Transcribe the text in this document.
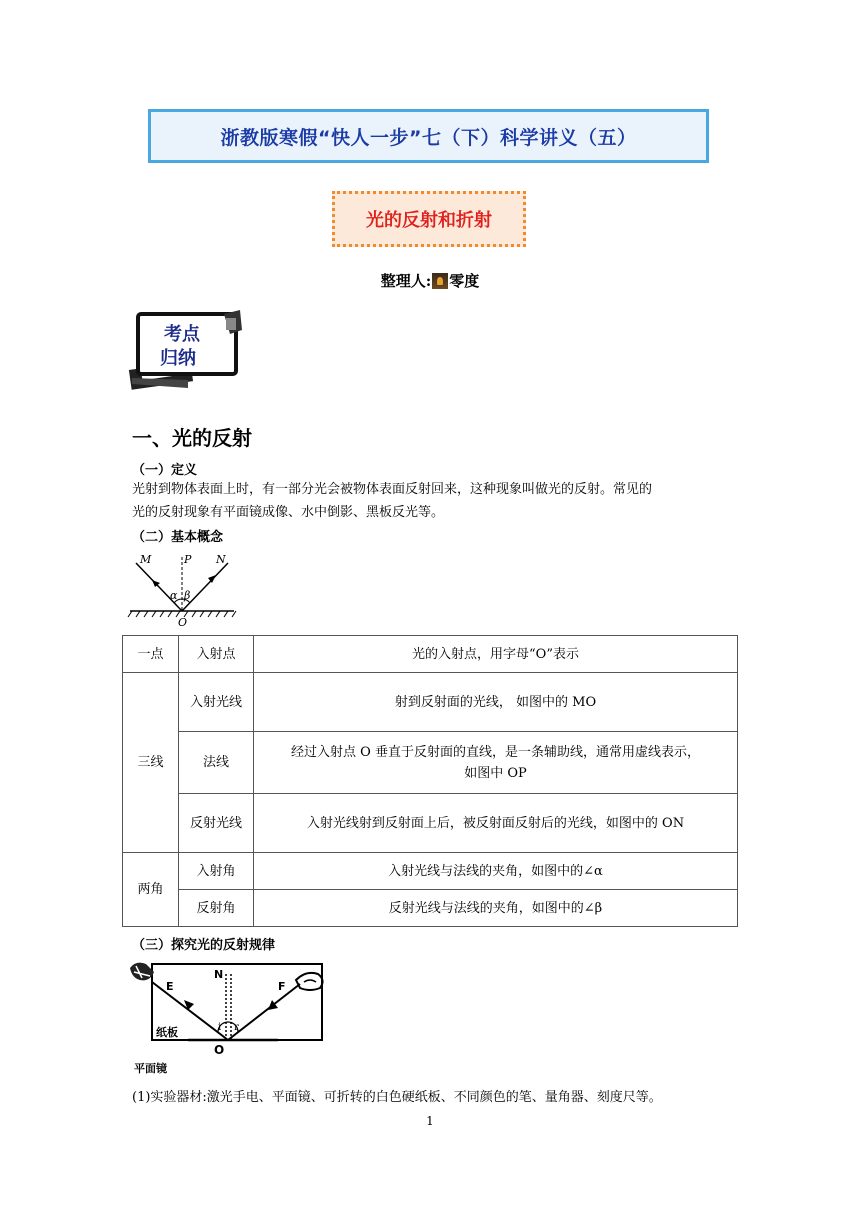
浙教版寒假“快人一步”七（下）科学讲义（五）
光的反射和折射
整理人: 零度
考点
归纳
一、光的反射
（一）定义
光射到物体表面上时，有一部分光会被物体表面反射回来，这种现象叫做光的反射。常见的
光的反射现象有平面镜成像、水中倒影、黑板反光等。
（二）基本概念
M	P N
α β
O
一点	入射点	光的入射点，用字母“O”表示
三线	入射光线	射到反射面的光线， 如图中的 MO
	法线	经过入射点 O 垂直于反射面的直线，是一条辅助线，通常用虚线表示，
如图中 OP

	反射光线	入射光线射到反射面上后，被反射面反射后的光线，如图中的 ON
两角	入射角	入射光线与法线的夹角，如图中的∠α
	反射角	反射光线与法线的夹角，如图中的∠β
（三）探究光的反射规律
E
N
F
纸板	i r
O
平面镜
(1)实验器材:激光手电、平面镜、可折转的白色硬纸板、不同颜色的笔、量角器、刻度尺等。
1
